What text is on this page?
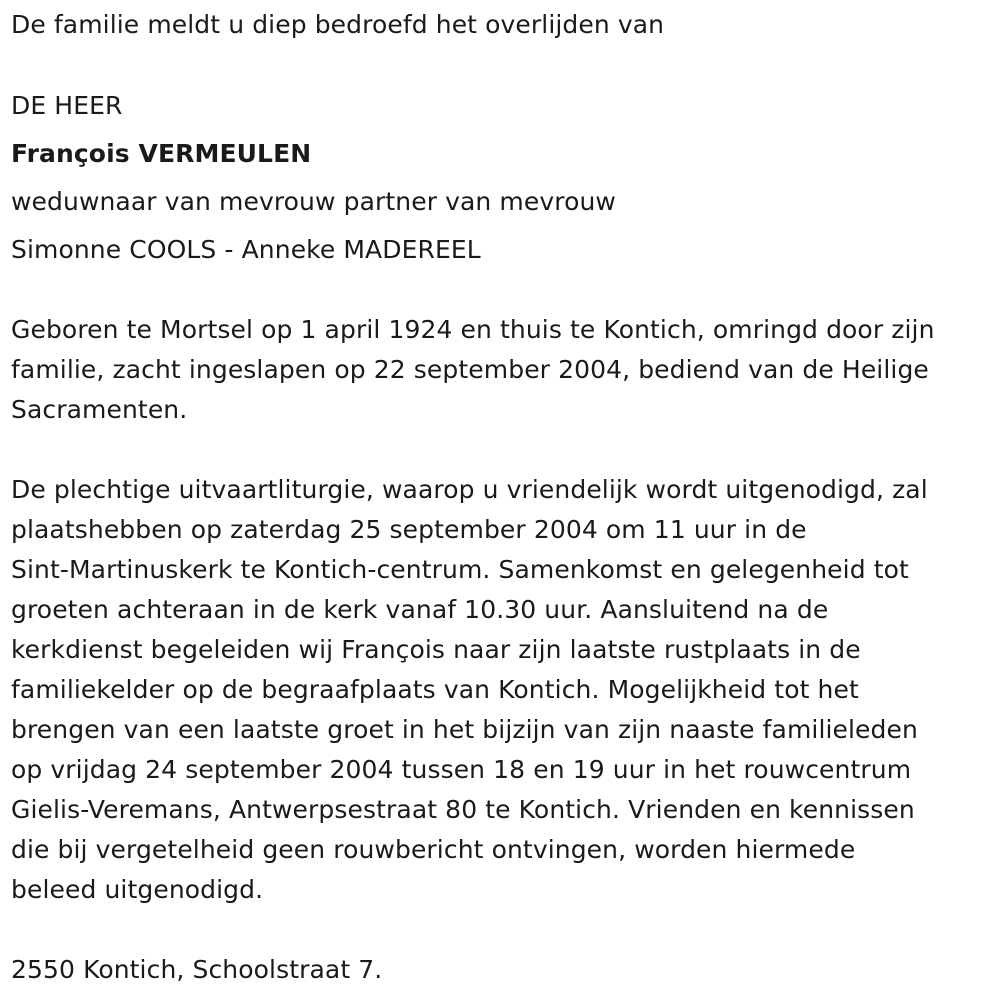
De familie meldt u diep bedroefd het overlijden van
DE HEER
François VERMEULEN
weduwnaar van mevrouw partner van mevrouw
Simonne COOLS - Anneke MADEREEL
Geboren te Mortsel op 1 april 1924 en thuis te Kontich, omringd door zijn
familie, zacht ingeslapen op 22 september 2004, bediend van de Heilige
Sacramenten.
De plechtige uitvaartliturgie, waarop u vriendelijk wordt uitgenodigd, zal
plaatshebben op zaterdag 25 september 2004 om 11 uur in de
Sint-Martinuskerk te Kontich-centrum. Samenkomst en gelegenheid tot
groeten achteraan in de kerk vanaf 10.30 uur. Aansluitend na de
kerkdienst begeleiden wij François naar zijn laatste rustplaats in de
familiekelder op de begraafplaats van Kontich. Mogelijkheid tot het
brengen van een laatste groet in het bijzijn van zijn naaste familieleden
op vrijdag 24 september 2004 tussen 18 en 19 uur in het rouwcentrum
Gielis-Veremans, Antwerpsestraat 80 te Kontich. Vrienden en kennissen
die bij vergetelheid geen rouwbericht ontvingen, worden hiermede
beleed uitgenodigd.
2550 Kontich, Schoolstraat 7.
